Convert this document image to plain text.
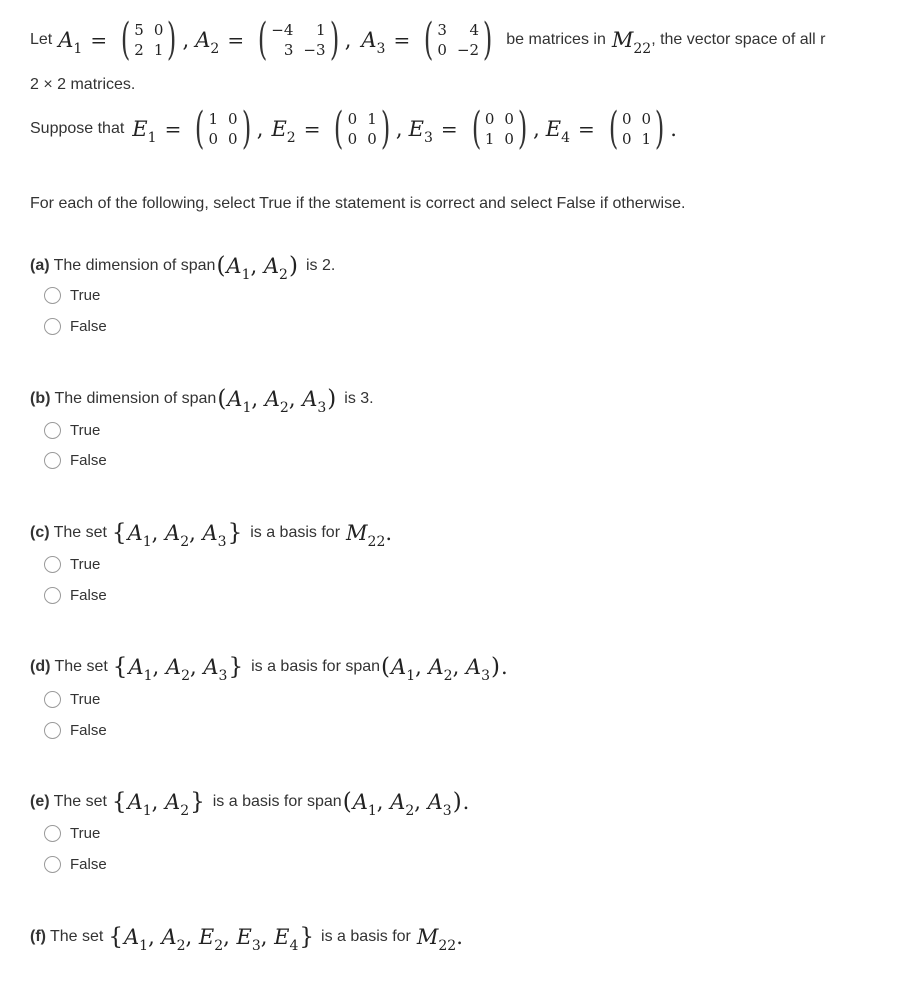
Let $A_1$ = ( 5 0
2 1 ) , $A_2$ = ( −4	1
3 −3 ) , $A_3$ = ( 3	4
0 −2 ) be matrices in $M_{22}$
, the vector space of all r
2 × 2 matrices.
Suppose that $E_1$ = ( 1 0
0 0 ) , $E_2$ = ( 0 1
0 0 ) , $E_3$ = ( 0 0
1 0 ) , $E_4$ = ( 0 0
0 1 ) .
For each of the following, select True if the statement is correct and select False if otherwise.
(a) The dimension of span ( $A_1$ , $A_2$ ) is 2.
True
False
(b) The dimension of span ( $A_1$ , $A_2$ , $A_3$ ) is 3.
True
False
(c) The set { $A_1$ , $A_2$ , $A_3$ } is a basis for $M_{22}$ .
True
False
(d) The set { $A_1$ , $A_2$ , $A_3$ } is a basis for span ( $A_1$ , $A_2$ , $A_3$ ) .
True
False
(e) The set { $A_1$ , $A_2$ } is a basis for span ( $A_1$ , $A_2$ , $A_3$ ) .
True
False
(f) The set { $A_1$ , $A_2$ , $E_2$ , $E_3$ , $E_4$ } is a basis for $M_{22}$ .
